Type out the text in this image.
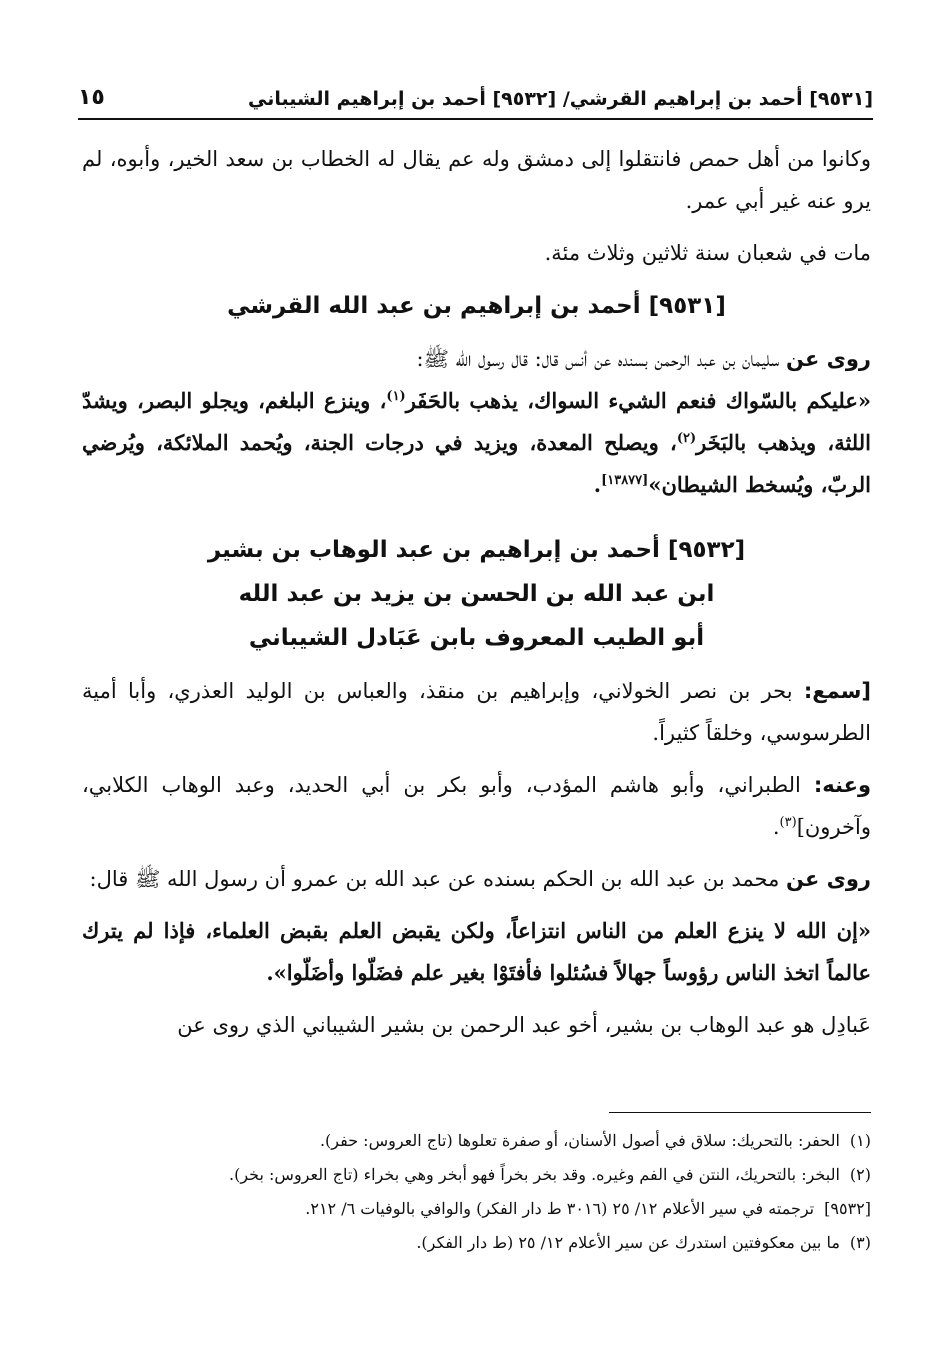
[٩٥٣١] أحمد بن إبراهيم القرشي/ [٩٥٣٢] أحمد بن إبراهيم الشيباني
١٥

وكانوا من أهل حمص فانتقلوا إلى دمشق وله عم يقال له الخطاب بن سعد الخير، وأبوه، لم يرو عنه غير أبي عمر.

مات في شعبان سنة ثلاثين وثلاث مئة.

[٩٥٣١] أحمد بن إبراهيم بن عبد الله القرشي

روى عن سليمان بن عبد الرحمن بسنده عن أنس قال: قال رسول الله ﷺ:

«عليكم بالسّواك فنعم الشيء السواك، يذهب بالحَفَر$^{(١)}$، وينزع البلغم، ويجلو البصر، ويشدّ اللثة، ويذهب بالبَخَر$^{(٢)}$، ويصلح المعدة، ويزيد في درجات الجنة، ويُحمد الملائكة، ويُرضي الربّ، ويُسخط الشيطان»[١٣٨٧٧].

[٩٥٣٢] أحمد بن إبراهيم بن عبد الوهاب بن بشير
ابن عبد الله بن الحسن بن يزيد بن عبد الله
أبو الطيب المعروف بابن عَبَادل الشيباني

[سمع: بحر بن نصر الخولاني، وإبراهيم بن منقذ، والعباس بن الوليد العذري، وأبا أمية الطرسوسي، وخلقاً كثيراً.

وعنه: الطبراني، وأبو هاشم المؤدب، وأبو بكر بن أبي الحديد، وعبد الوهاب الكلابي، وآخرون]$^{(٣)}$.

روى عن محمد بن عبد الله بن الحكم بسنده عن عبد الله بن عمرو أن رسول الله ﷺ قال:

«إن الله لا ينزع العلم من الناس انتزاعاً، ولكن يقبض العلم بقبض العلماء، فإذا لم يترك عالماً اتخذ الناس رؤوساً جهالاً فسُئلوا فأفتَوْا بغير علم فضَلّوا وأضَلّوا».

عَبادِل هو عبد الوهاب بن بشير، أخو عبد الرحمن بن بشير الشيباني الذي روى عن

(١)الحفر: بالتحريك: سلاق في أصول الأسنان، أو صفرة تعلوها (تاج العروس: حفر).

(٢)البخر: بالتحريك، النتن في الفم وغيره. وقد بخر بخراً فهو أبخر وهي بخراء (تاج العروس: بخر).

[٩٥٣٢]ترجمته في سير الأعلام ١٢/ ٢٥ (٣٠١٦ ط دار الفكر) والوافي بالوفيات ٦/ ٢١٢.

(٣)ما بين معكوفتين استدرك عن سير الأعلام ١٢/ ٢٥ (ط دار الفكر).
